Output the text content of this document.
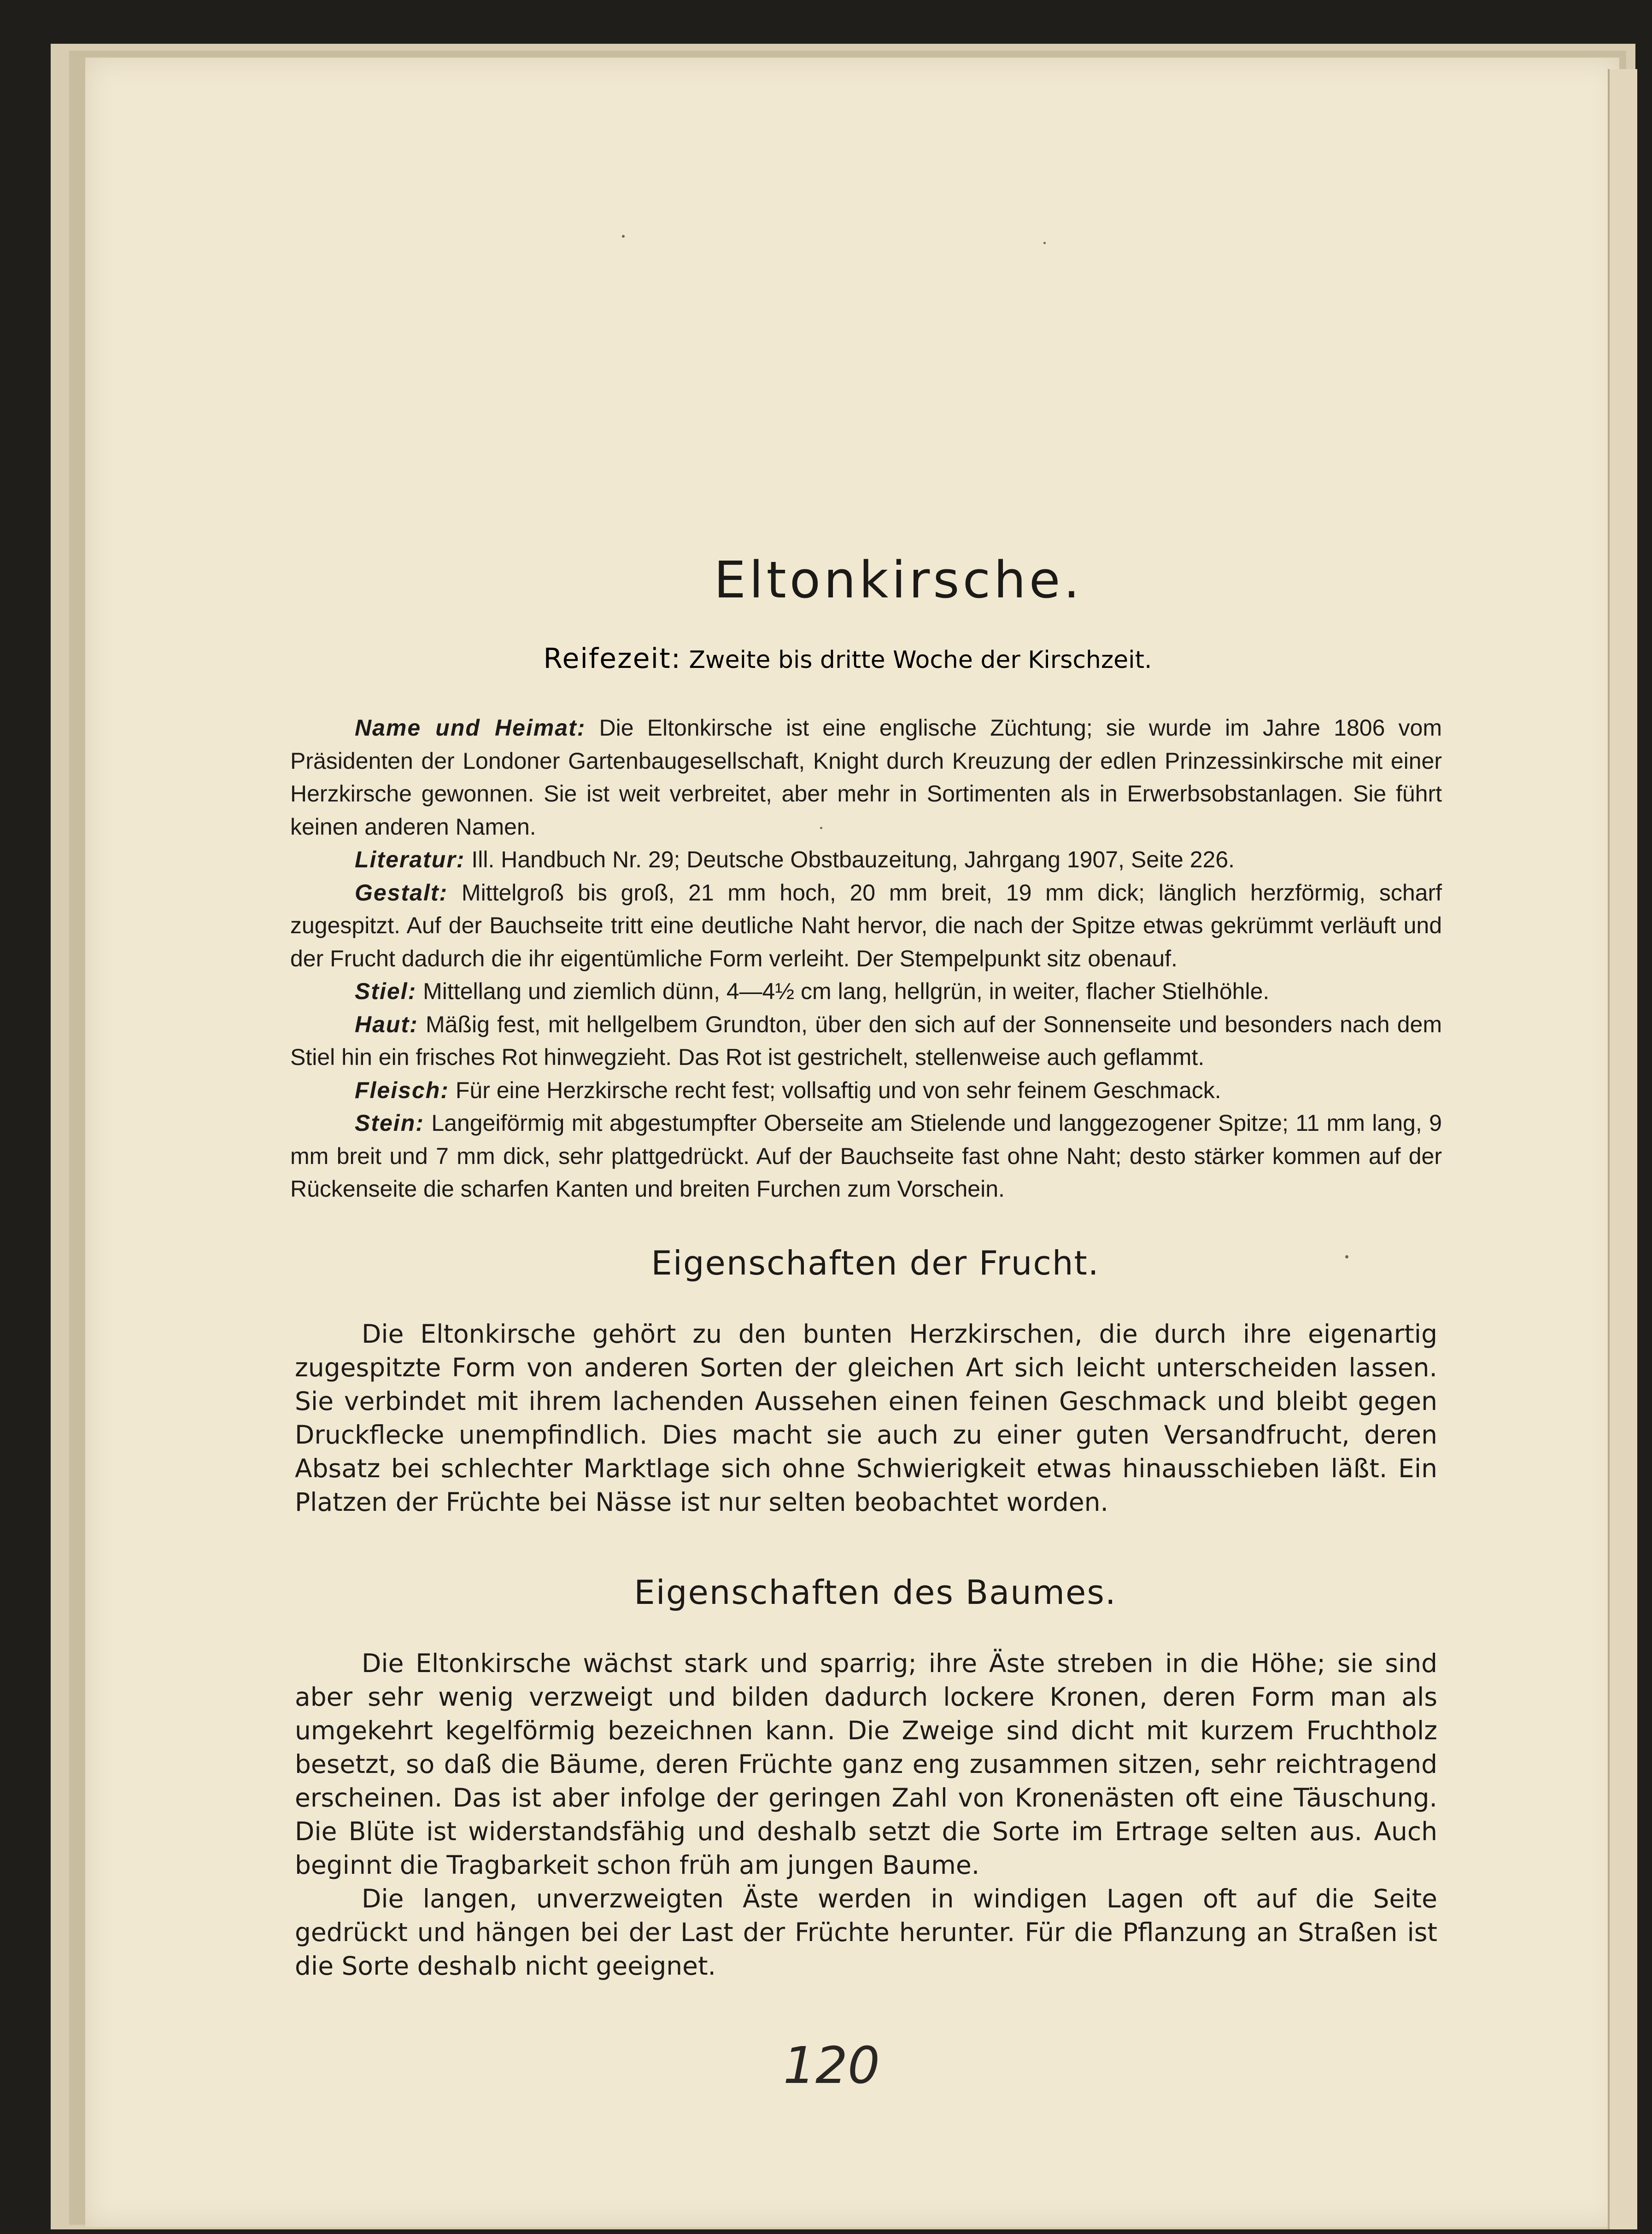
Eltonkirsche.

Reifezeit: Zweite bis dritte Woche der Kirschzeit.

Name und Heimat: Die Eltonkirsche ist eine englische Züchtung; sie wurde im Jahre 1806 vom Präsidenten der Londoner Gartenbaugesellschaft, Knight durch Kreuzung der edlen Prinzessinkirsche mit einer Herzkirsche gewonnen. Sie ist weit verbreitet, aber mehr in Sortimenten als in Erwerbsobstanlagen. Sie führt keinen anderen Namen.

Literatur: Ill. Handbuch Nr. 29; Deutsche Obstbauzeitung, Jahrgang 1907, Seite 226.

Gestalt: Mittelgroß bis groß, 21 mm hoch, 20 mm breit, 19 mm dick; länglich herzförmig, scharf zugespitzt. Auf der Bauchseite tritt eine deutliche Naht hervor, die nach der Spitze etwas gekrümmt verläuft und der Frucht dadurch die ihr eigentümliche Form verleiht. Der Stempelpunkt sitz obenauf.

Stiel: Mittellang und ziemlich dünn, 4—4½ cm lang, hellgrün, in weiter, flacher Stielhöhle.

Haut: Mäßig fest, mit hellgelbem Grundton, über den sich auf der Sonnenseite und besonders nach dem Stiel hin ein frisches Rot hinwegzieht. Das Rot ist gestrichelt, stellenweise auch geflammt.

Fleisch: Für eine Herzkirsche recht fest; vollsaftig und von sehr feinem Geschmack.

Stein: Langeiförmig mit abgestumpfter Oberseite am Stielende und langgezogener Spitze; 11 mm lang, 9 mm breit und 7 mm dick, sehr plattgedrückt. Auf der Bauchseite fast ohne Naht; desto stärker kommen auf der Rückenseite die scharfen Kanten und breiten Furchen zum Vorschein.

Eigenschaften der Frucht.

Die Eltonkirsche gehört zu den bunten Herzkirschen, die durch ihre eigenartig zugespitzte Form von anderen Sorten der gleichen Art sich leicht unterscheiden lassen. Sie verbindet mit ihrem lachenden Aussehen einen feinen Geschmack und bleibt gegen Druckflecke unempfindlich. Dies macht sie auch zu einer guten Versandfrucht, deren Absatz bei schlechter Marktlage sich ohne Schwierigkeit etwas hinausschieben läßt. Ein Platzen der Früchte bei Nässe ist nur selten beobachtet worden.

Eigenschaften des Baumes.

Die Eltonkirsche wächst stark und sparrig; ihre Äste streben in die Höhe; sie sind aber sehr wenig verzweigt und bilden dadurch lockere Kronen, deren Form man als umgekehrt kegelförmig bezeichnen kann. Die Zweige sind dicht mit kurzem Fruchtholz besetzt, so daß die Bäume, deren Früchte ganz eng zusammen sitzen, sehr reichtragend erscheinen. Das ist aber infolge der geringen Zahl von Kronenästen oft eine Täuschung. Die Blüte ist widerstandsfähig und deshalb setzt die Sorte im Ertrage selten aus. Auch beginnt die Tragbarkeit schon früh am jungen Baume.

Die langen, unverzweigten Äste werden in windigen Lagen oft auf die Seite gedrückt und hängen bei der Last der Früchte herunter. Für die Pflanzung an Straßen ist die Sorte deshalb nicht geeignet.

120
